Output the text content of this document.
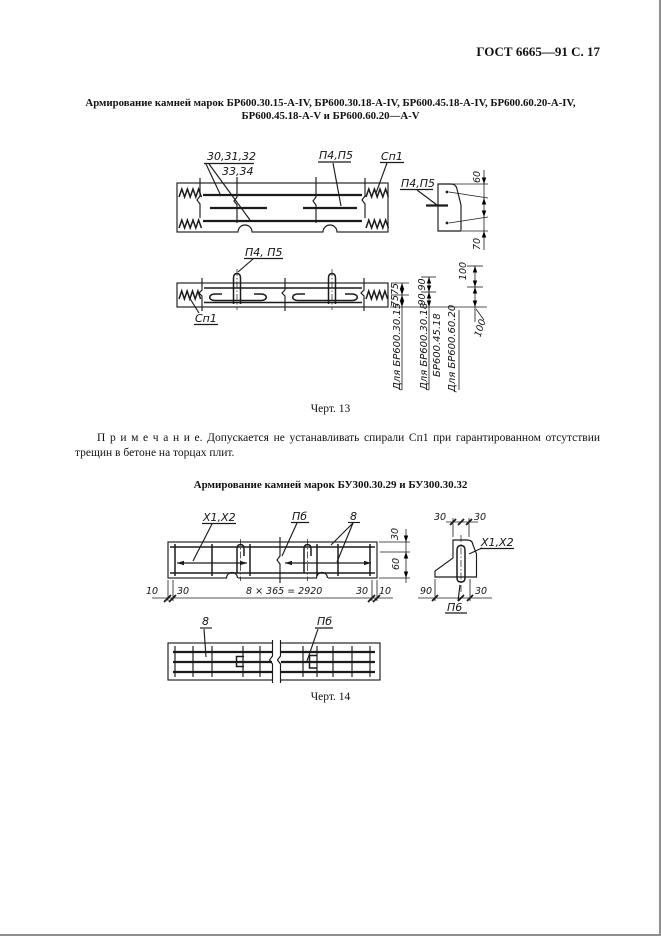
ГОСТ 6665—91 С. 17
Армирование камней марок БР600.30.15-А-IV, БР600.30.18-А-IV, БР600.45.18-А-IV, БР600.60.20-А-IV,
БР600.45.18-А-V и БР600.60.20—А-V
30,31,32
33,34
П4,П5	Сп1
П4,П5	60
70
П4, П5
Сп1
75
75
90
90
100
100
Для БР600.30.15 Для БР600.30.18 БР600.45.18 Для БР600.60.20
Черт. 13
П р и м е ч а н и е. Допускается не устанавливать спирали Сп1 при гарантированном отсутствии трещин в бетоне на торцах плит.
Армирование камней марок БУ300.30.29 и БУ300.30.32
Х1,Х2	Пб	8
30
60
10 30	8 × 365 = 2920	30 10
30	30
Х1,Х2
90	30
П6
8	Пб
Черт. 14
